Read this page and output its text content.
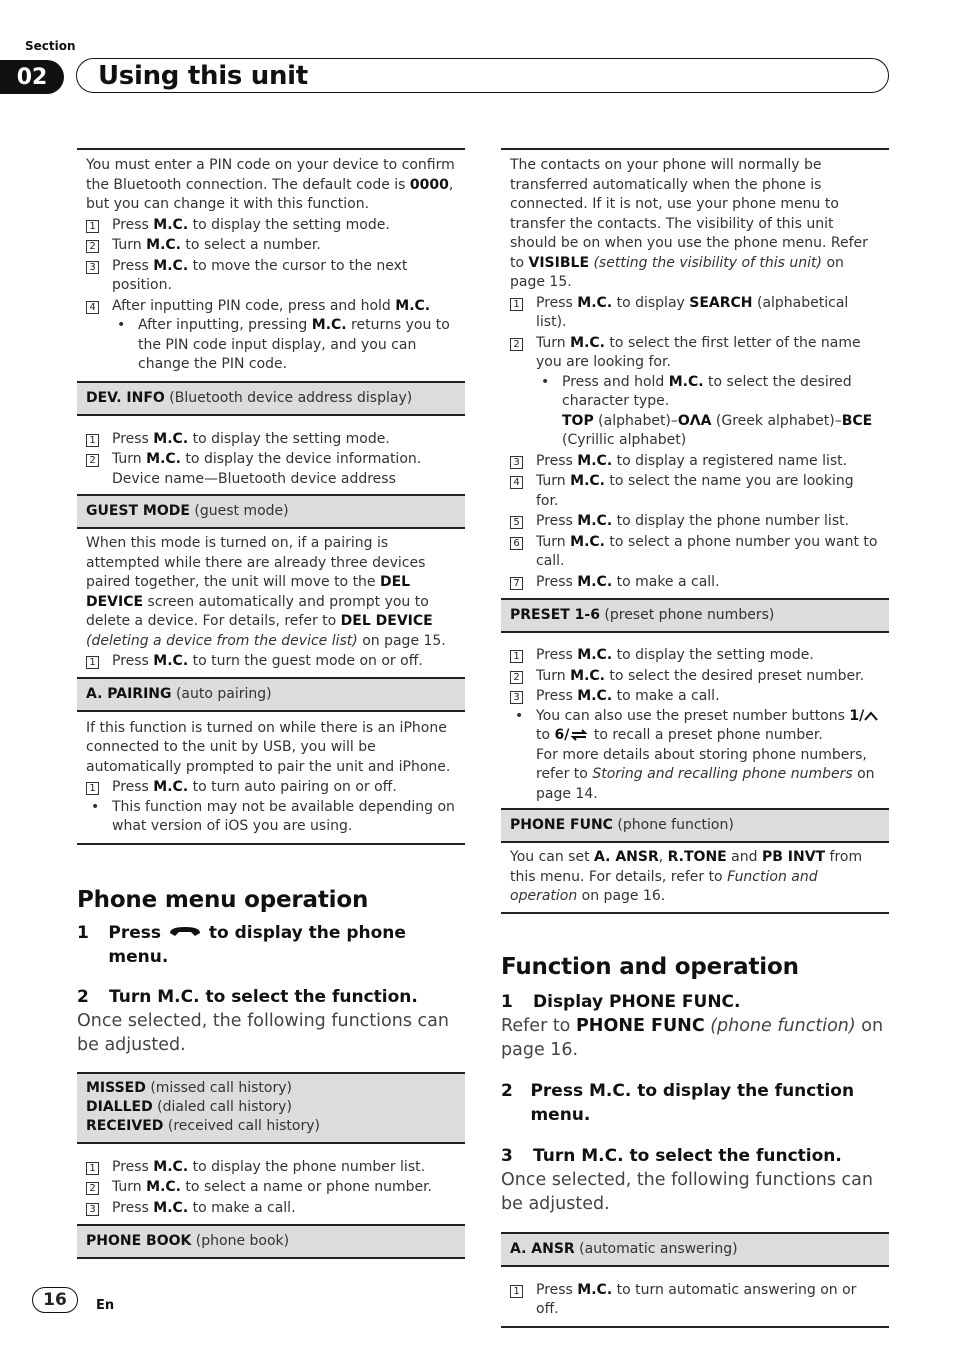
Section
02	Using this unit
You must enter a PIN code on your device to confirm the Bluetooth connection. The default code is 0000, but you can change it with this function.
1 Press M.C. to display the setting mode.
2 Turn M.C. to select a number.
3 Press M.C. to move the cursor to the next position.
4 After inputting PIN code, press and hold M.C.
• After inputting, pressing M.C. returns you to the PIN code input display, and you can change the PIN code.
DEV. INFO (Bluetooth device address display)
1 Press M.C. to display the setting mode.
2 Turn M.C. to display the device information.
Device name—Bluetooth device address
GUEST MODE (guest mode)
When this mode is turned on, if a pairing is attempted while there are already three devices paired together, the unit will move to the DEL DEVICE screen automatically and prompt you to delete a device. For details, refer to DEL DEVICE (deleting a device from the device list) on page 15.
1 Press M.C. to turn the guest mode on or off.
A. PAIRING (auto pairing)
If this function is turned on while there is an iPhone connected to the unit by USB, you will be automatically prompted to pair the unit and iPhone.
1 Press M.C. to turn auto pairing on or off.
• This function may not be available depending on what version of iOS you are using.
Phone menu operation
1	Press	to display the phone menu.
2	Turn M.C. to select the function.
Once selected, the following functions can be adjusted.
MISSED (missed call history)
DIALLED (dialed call history)
RECEIVED (received call history)
1 Press M.C. to display the phone number list.
2 Turn M.C. to select a name or phone number.
3 Press M.C. to make a call.
PHONE BOOK (phone book)
The contacts on your phone will normally be transferred automatically when the phone is connected. If it is not, use your phone menu to transfer the contacts. The visibility of this unit should be on when you use the phone menu. Refer to VISIBLE (setting the visibility of this unit) on page 15.
1 Press M.C. to display SEARCH (alphabetical list).
2 Turn M.C. to select the first letter of the name you are looking for.
• Press and hold M.C. to select the desired character type.
TOP (alphabet)–ΟΛΑ (Greek alphabet)–BCE
(Cyrillic alphabet)
3 Press M.C. to display a registered name list.
4 Turn M.C. to select the name you are looking for.
5 Press M.C. to display the phone number list.
6 Turn M.C. to select a phone number you want to call.
7 Press M.C. to make a call.
PRESET 1-6 (preset phone numbers)
1 Press M.C. to display the setting mode.
2 Turn M.C. to select the desired preset number.
3 Press M.C. to make a call.
• You can also use the preset number buttons 1/
to 6/ to recall a preset phone number.
For more details about storing phone numbers, refer to Storing and recalling phone numbers on page 14.
PHONE FUNC (phone function)
You can set A. ANSR, R.TONE and PB INVT from this menu. For details, refer to Function and operation on page 16.
Function and operation
1	Display PHONE FUNC.
Refer to PHONE FUNC (phone function) on page 16.
2	Press M.C. to display the function menu.
3	Turn M.C. to select the function.
Once selected, the following functions can be adjusted.
A. ANSR (automatic answering)
1 Press M.C. to turn automatic answering on or off.
16	En
